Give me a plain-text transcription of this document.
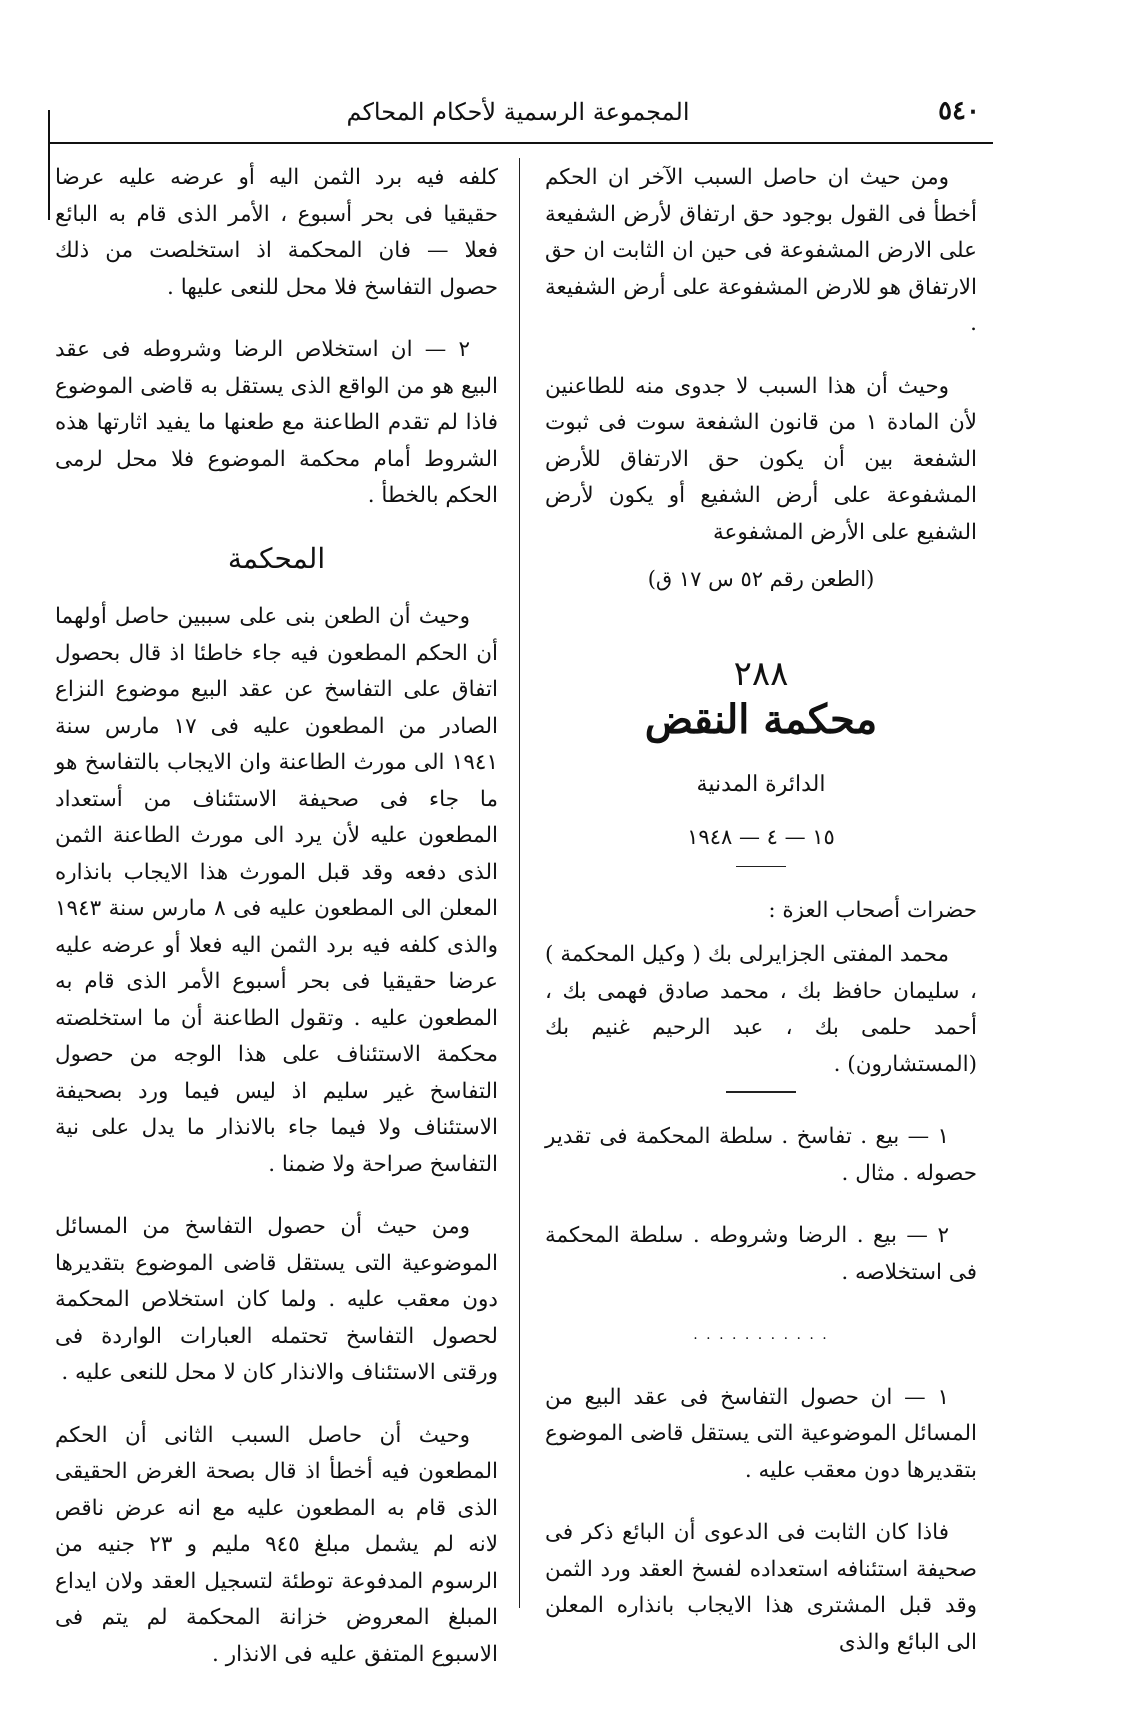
٥٤٠
المجموعة الرسمية لأحكام المحاكم

ومن حيث ان حاصل السبب الآخر ان الحكم أخطأ فى القول بوجود حق ارتفاق لأرض الشفيعة على الارض المشفوعة فى حين ان الثابت ان حق الارتفاق هو للارض المشفوعة على أرض الشفيعة .

وحيث أن هذا السبب لا جدوى منه للطاعنين لأن المادة ١ من قانون الشفعة سوت فى ثبوت الشفعة بين أن يكون حق الارتفاق للأرض المشفوعة على أرض الشفيع أو يكون لأرض الشفيع على الأرض المشفوعة

(الطعن رقم ٥٢ س ١٧ ق)
٢٨٨
محكمة النقض
الدائرة المدنية
١٥ — ٤ — ١٩٤٨

حضرات أصحاب العزة :

محمد المفتى الجزايرلى بك ( وكيل المحكمة ) ، سليمان حافظ بك ، محمد صادق فهمى بك ، أحمد حلمى بك ، عبد الرحيم غنيم بك (المستشارون) .

١ — بيع . تفاسخ . سلطة المحكمة فى تقدير حصوله . مثال .

٢ — بيع . الرضا وشروطه . سلطة المحكمة فى استخلاصه .

. . . . . . . . . . .

١ — ان حصول التفاسخ فى عقد البيع من المسائل الموضوعية التى يستقل قاضى الموضوع بتقديرها دون معقب عليه .

فاذا كان الثابت فى الدعوى أن البائع ذكر فى صحيفة استئنافه استعداده لفسخ العقد ورد الثمن وقد قبل المشترى هذا الايجاب بانذاره المعلن الى البائع والذى

كلفه فيه برد الثمن اليه أو عرضه عليه عرضا حقيقيا فى بحر أسبوع ، الأمر الذى قام به البائع فعلا — فان المحكمة اذ استخلصت من ذلك حصول التفاسخ فلا محل للنعى عليها .

٢ — ان استخلاص الرضا وشروطه فى عقد البيع هو من الواقع الذى يستقل به قاضى الموضوع فاذا لم تقدم الطاعنة مع طعنها ما يفيد اثارتها هذه الشروط أمام محكمة الموضوع فلا محل لرمى الحكم بالخطأ .

المحكمة

وحيث أن الطعن بنى على سببين حاصل أولهما أن الحكم المطعون فيه جاء خاطئا اذ قال بحصول اتفاق على التفاسخ عن عقد البيع موضوع النزاع الصادر من المطعون عليه فى ١٧ مارس سنة ١٩٤١ الى مورث الطاعنة وان الايجاب بالتفاسخ هو ما جاء فى صحيفة الاستئناف من أستعداد المطعون عليه لأن يرد الى مورث الطاعنة الثمن الذى دفعه وقد قبل المورث هذا الايجاب بانذاره المعلن الى المطعون عليه فى ٨ مارس سنة ١٩٤٣ والذى كلفه فيه برد الثمن اليه فعلا أو عرضه عليه عرضا حقيقيا فى بحر أسبوع الأمر الذى قام به المطعون عليه . وتقول الطاعنة أن ما استخلصته محكمة الاستئناف على هذا الوجه من حصول التفاسخ غير سليم اذ ليس فيما ورد بصحيفة الاستئناف ولا فيما جاء بالانذار ما يدل على نية التفاسخ صراحة ولا ضمنا .

ومن حيث أن حصول التفاسخ من المسائل الموضوعية التى يستقل قاضى الموضوع بتقديرها دون معقب عليه . ولما كان استخلاص المحكمة لحصول التفاسخ تحتمله العبارات الواردة فى ورقتى الاستئناف والانذار كان لا محل للنعى عليه .

وحيث أن حاصل السبب الثانى أن الحكم المطعون فيه أخطأ اذ قال بصحة الغرض الحقيقى الذى قام به المطعون عليه مع انه عرض ناقص لانه لم يشمل مبلغ ٩٤٥ مليم و ٢٣ جنيه من الرسوم المدفوعة توطئة لتسجيل العقد ولان ايداع المبلغ المعروض خزانة المحكمة لم يتم فى الاسبوع المتفق عليه فى الانذار .
